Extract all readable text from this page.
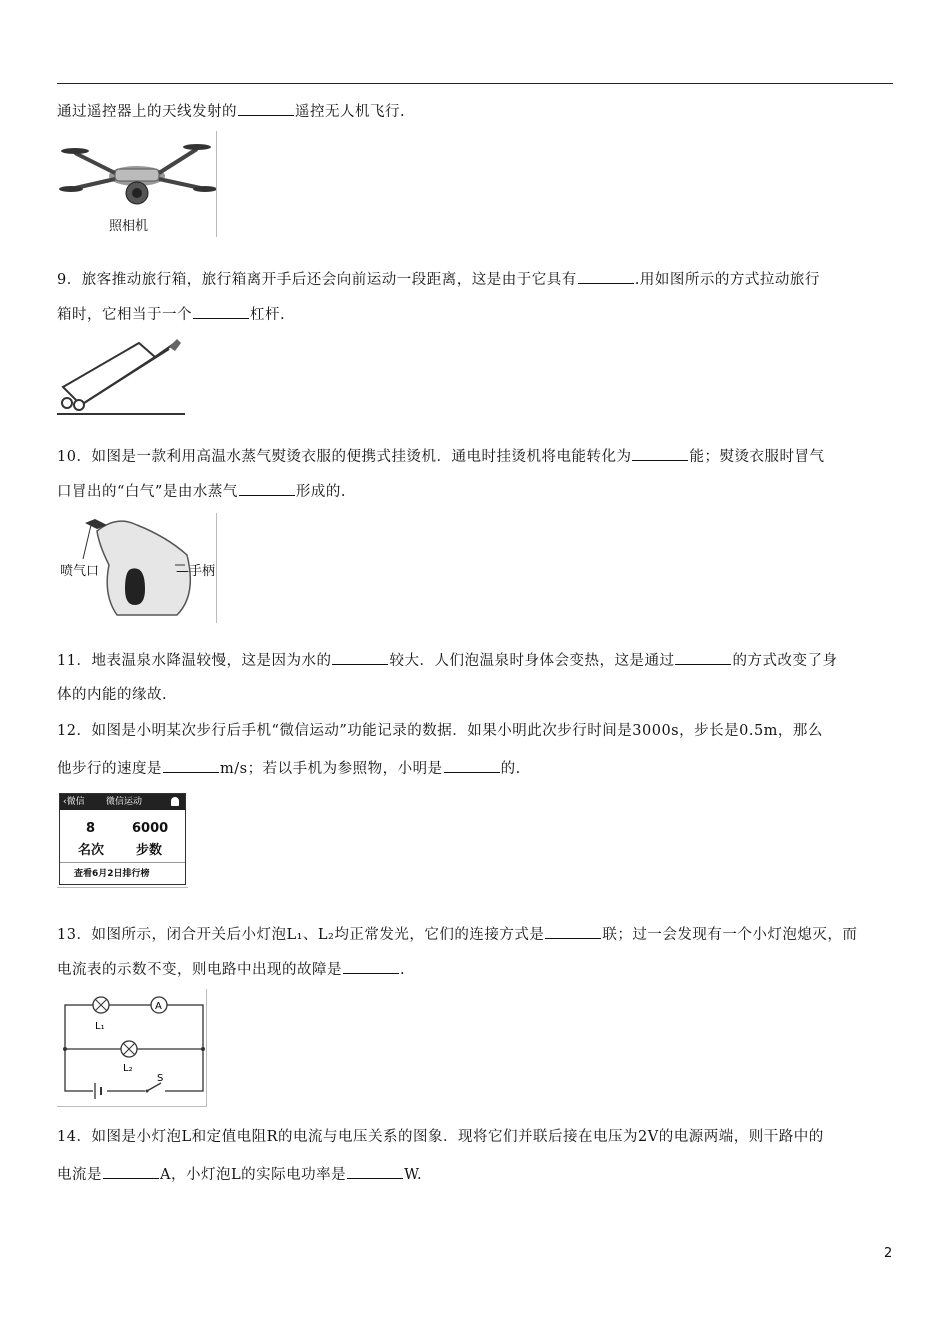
通过遥控器上的天线发射的	遥控无人机飞行.
照相机
9．旅客推动旅行箱，旅行箱离开手后还会向前运动一段距离，这是由于它具有	.用如图所示的方式拉动旅行
箱时，它相当于一个	杠杆.
10．如图是一款利用高温水蒸气熨烫衣服的便携式挂烫机．通电时挂烫机将电能转化为	能；熨烫衣服时冒气
口冒出的“白气”是由水蒸气	形成的.
喷气口	—手柄
11．地表温泉水降温较慢，这是因为水的	较大．人们泡温泉时身体会变热，这是通过	的方式改变了身
体的内能的缘故.
12．如图是小明某次步行后手机“微信运动”功能记录的数据．如果小明此次步行时间是3000s，步长是0.5m，那么
他步行的速度是	m/s；若以手机为参照物，小明是	的.
‹微信 微信运动
8	6000
名次 步数
查看6月2日排行榜
13．如图所示，闭合开关后小灯泡L₁、L₂均正常发光，它们的连接方式是	联；过一会发现有一个小灯泡熄灭，而
电流表的示数不变，则电路中出现的故障是	.
A
L₁
L₂
S
14．如图是小灯泡L和定值电阻R的电流与电压关系的图象．现将它们并联后接在电压为2V的电源两端，则干路中的
电流是	A，小灯泡L的实际电功率是	W.
2
